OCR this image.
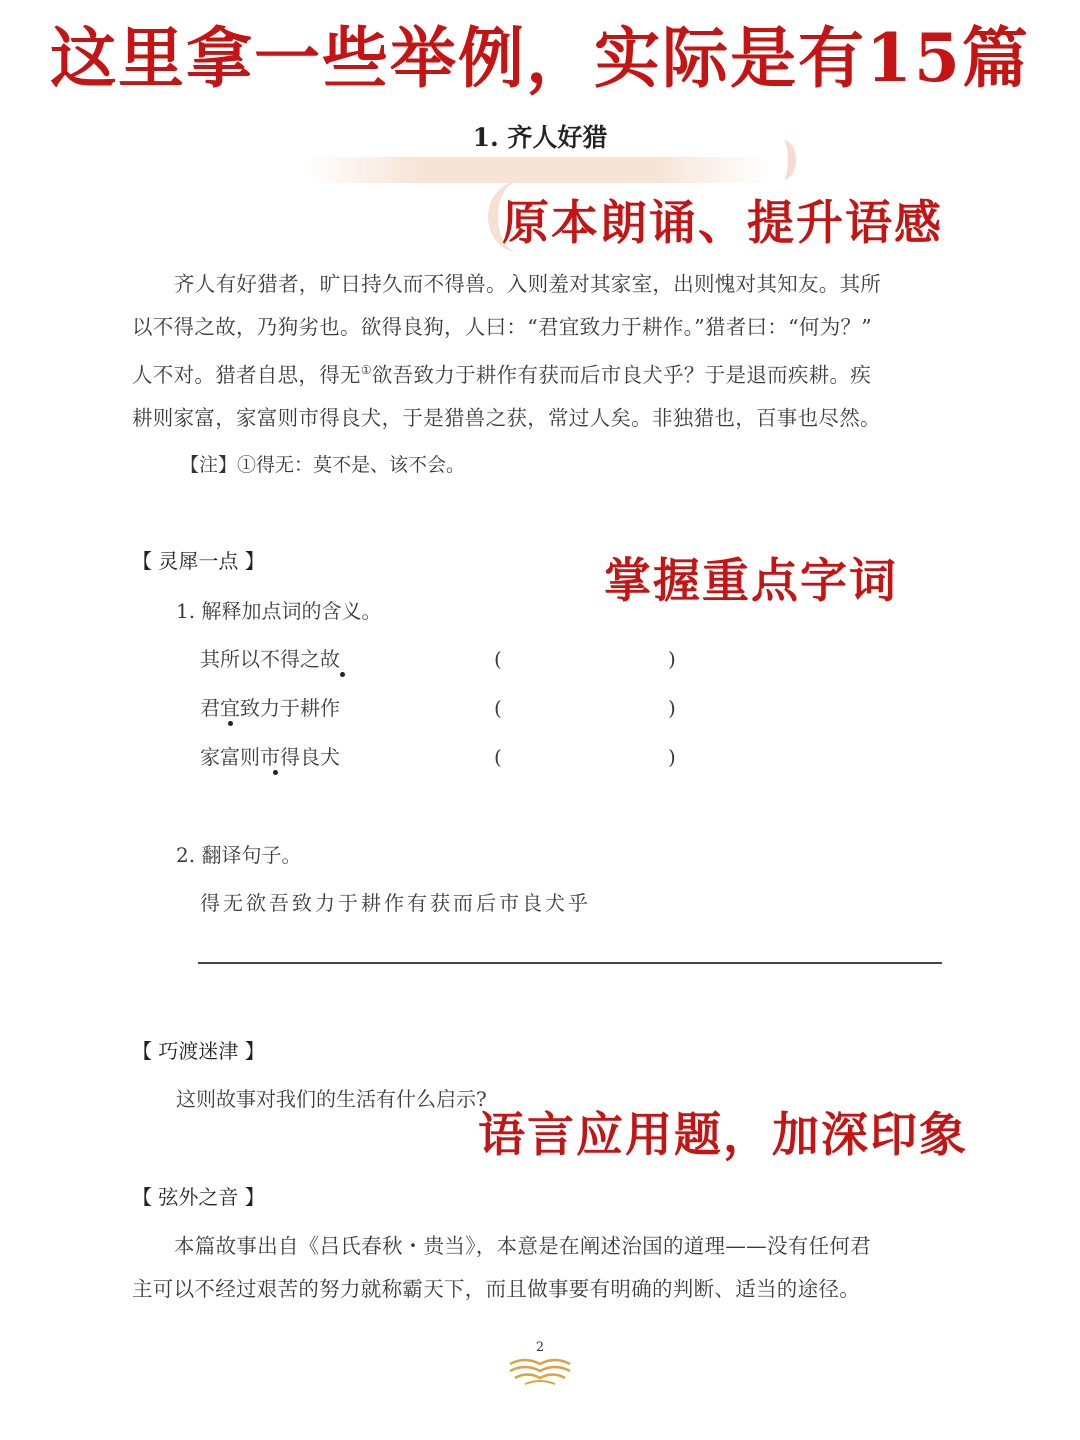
这里拿一些举例，实际是有15篇
1. 齐人好猎
原本朗诵、提升语感
齐人有好猎者，旷日持久而不得兽。入则羞对其家室，出则愧对其知友。其所
以不得之故，乃狗劣也。欲得良狗，人曰：“君宜致力于耕作。”猎者曰：“何为？”
人不对。猎者自思，得无①欲吾致力于耕作有获而后市良犬乎？于是退而疾耕。疾
耕则家富，家富则市得良犬，于是猎兽之获，常过人矣。非独猎也，百事也尽然。
【注】①得无：莫不是、该不会。
【 灵犀一点 】	掌握重点字词
1. 解释加点词的含义。
其所以不得之故	(	)
君宜致力于耕作	(	)
家富则市得良犬	(	)
2. 翻译句子。
得无欲吾致力于耕作有获而后市良犬乎
【 巧渡迷津 】
这则故事对我们的生活有什么启示?
语言应用题，加深印象
【 弦外之音 】
本篇故事出自《吕氏春秋・贵当》，本意是在阐述治国的道理——没有任何君
主可以不经过艰苦的努力就称霸天下，而且做事要有明确的判断、适当的途径。
2
